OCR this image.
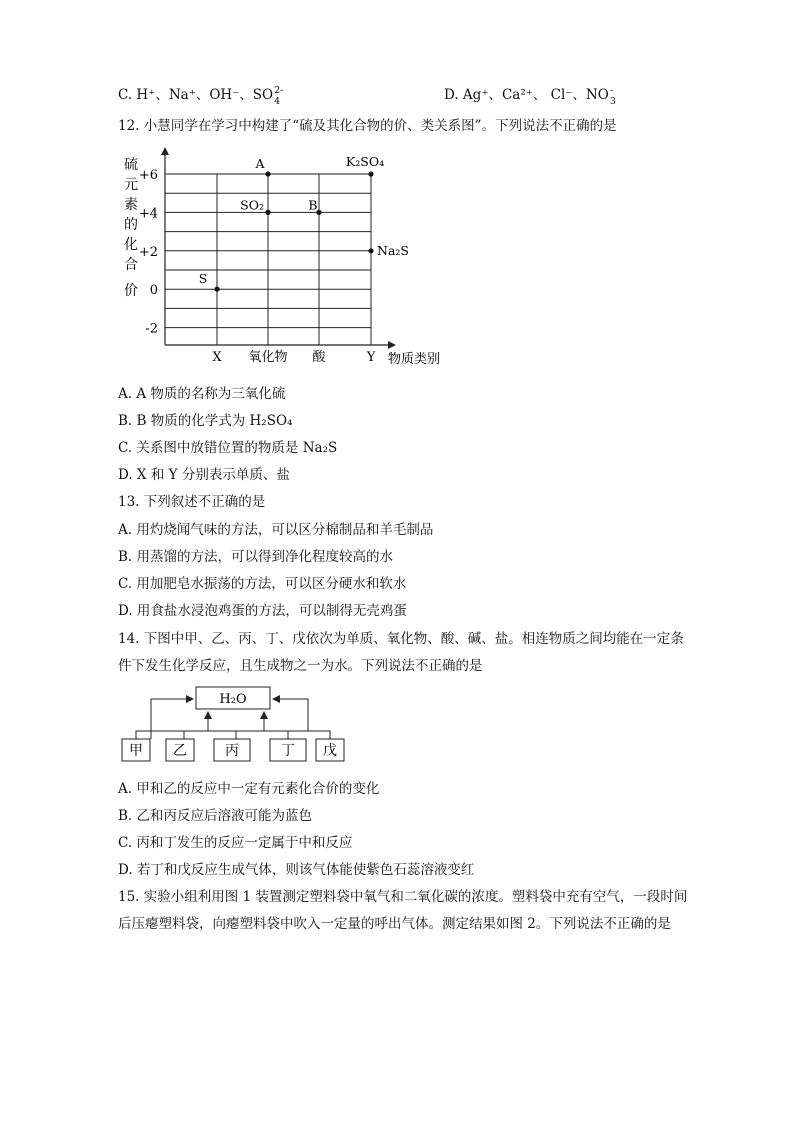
C. H⁺、Na⁺、OH⁻、SO 2-
4	D. Ag⁺、Ca²⁺、 Cl⁻、NO -
3
12. 小慧同学在学习中构建了“硫及其化合物的价、类关系图”。下列说法不正确的是
硫
元
素
的
化
合
价
+6
+4
+2
0
-2
X 氧化物 酸	Y 物质类别
S
A
SO₂	B
K₂SO₄
Na₂S
A. A 物质的名称为三氧化硫
B. B 物质的化学式为 H₂SO₄
C. 关系图中放错位置的物质是 Na₂S
D. X 和 Y 分别表示单质、盐
13. 下列叙述不正确的是
A. 用灼烧闻气味的方法，可以区分棉制品和羊毛制品
B. 用蒸馏的方法，可以得到净化程度较高的水
C. 用加肥皂水振荡的方法，可以区分硬水和软水
D. 用食盐水浸泡鸡蛋的方法，可以制得无壳鸡蛋
14. 下图中甲、乙、丙、丁、戊依次为单质、氧化物、酸、碱、盐。相连物质之间均能在一定条
件下发生化学反应，且生成物之一为水。下列说法不正确的是
H₂O
甲 乙	丙	丁 戊
A. 甲和乙的反应中一定有元素化合价的变化
B. 乙和丙反应后溶液可能为蓝色
C. 丙和丁发生的反应一定属于中和反应
D. 若丁和戊反应生成气体，则该气体能使紫色石蕊溶液变红
15. 实验小组利用图 1 装置测定塑料袋中氧气和二氧化碳的浓度。塑料袋中充有空气，一段时间
后压瘪塑料袋，向瘪塑料袋中吹入一定量的呼出气体。测定结果如图 2。下列说法不正确的是
